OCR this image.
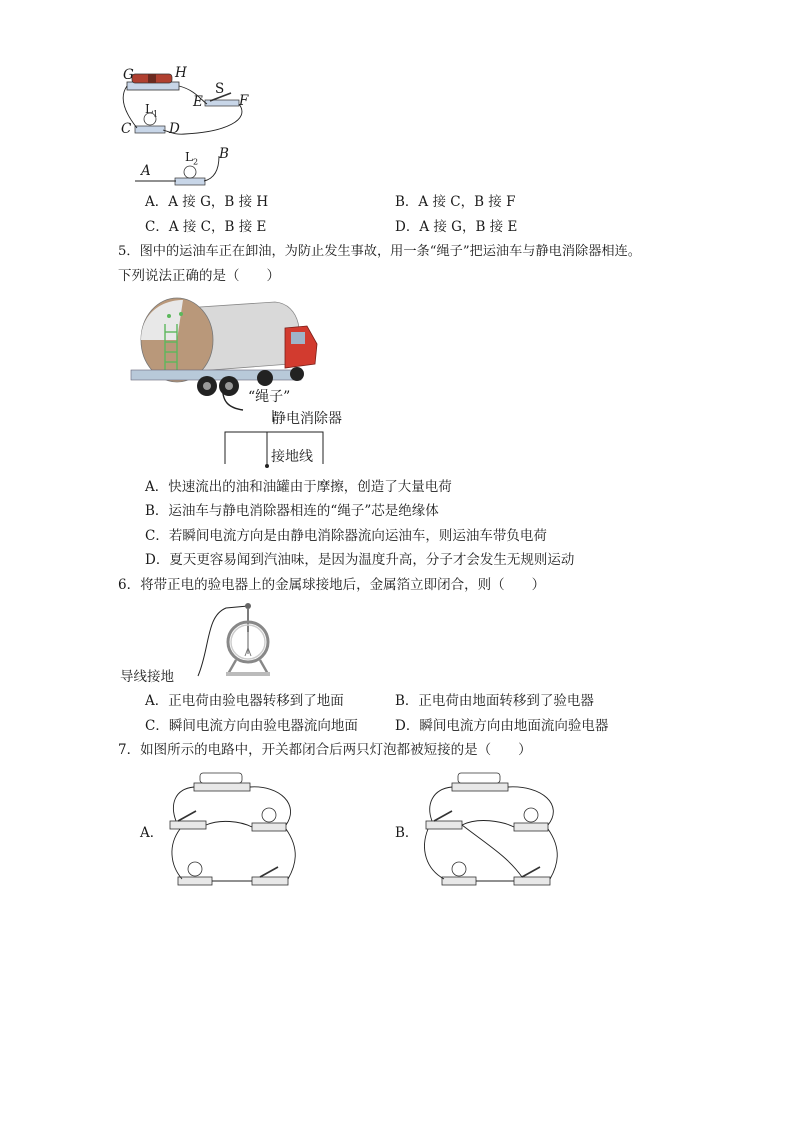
G	H
S
E	F
$L_1$
C	D
$L_2$
A
B
A．A 接 G，B 接 H	B．A 接 C，B 接 F
C．A 接 C，B 接 E	D．A 接 G，B 接 E
5．图中的运油车正在卸油，为防止发生事故，用一条“绳子”把运油车与静电消除器相连。
下列说法正确的是（　　）
“绳子”
静电消除器
接地线
A．快速流出的油和油罐由于摩擦，创造了大量电荷
B．运油车与静电消除器相连的“绳子”芯是绝缘体
C．若瞬间电流方向是由静电消除器流向运油车，则运油车带负电荷
D．夏天更容易闻到汽油味，是因为温度升高，分子才会发生无规则运动
6．将带正电的验电器上的金属球接地后，金属箔立即闭合，则（　　）
导线接地
A．正电荷由验电器转移到了地面	B．正电荷由地面转移到了验电器
C．瞬间电流方向由验电器流向地面	D．瞬间电流方向由地面流向验电器
7．如图所示的电路中，开关都闭合后两只灯泡都被短接的是（　　）
A．	B．
